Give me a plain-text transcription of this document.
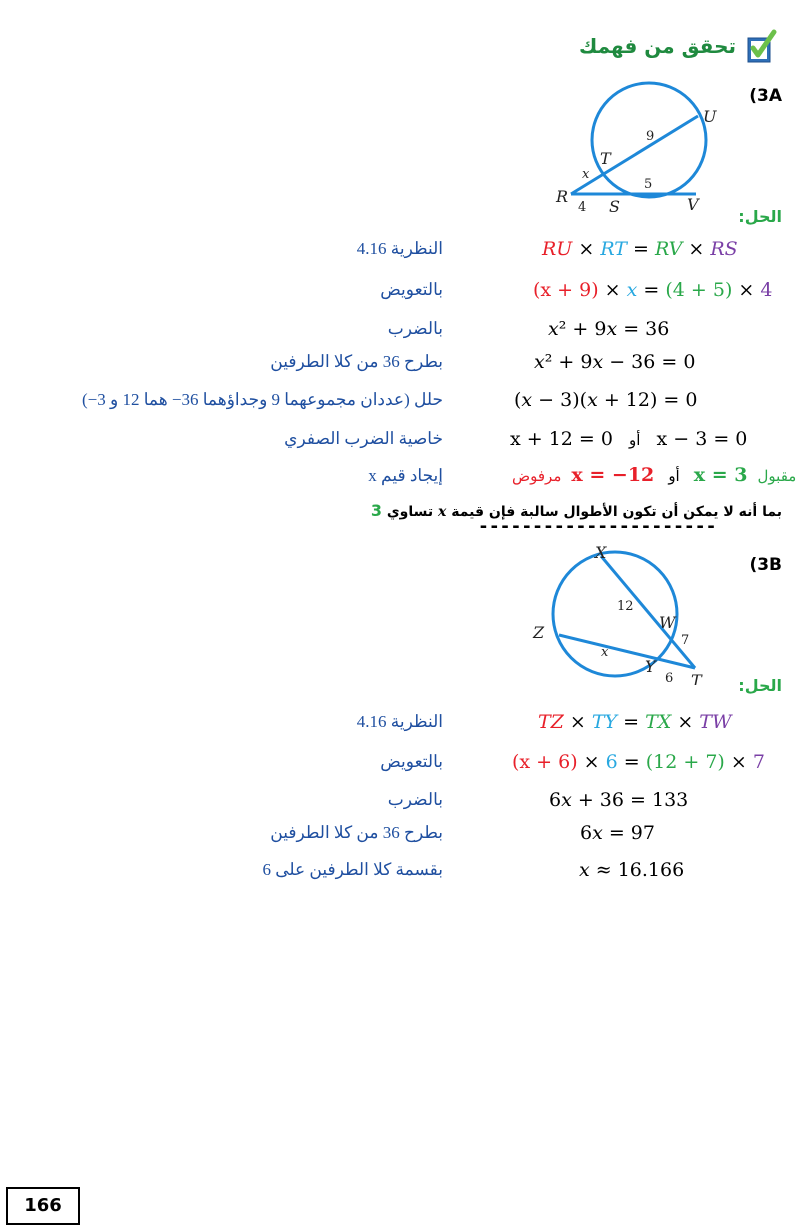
تحقق من فهمك
(3A
U
T
R
S	V
9
x
4
5
الحل:
النظرية 4.16	RU × RT = RV × RS
بالتعويض	(x + 9) × x = (4 + 5) × 4
بالضرب	x² + 9x = 36
بطرح 36 من كلا الطرفين	x² + 9x − 36 = 0
حلل (عددان مجموعهما 9 وجداؤهما 36− هما 12 و 3−)	(x − 3)(x + 12) = 0
خاصية الضرب الصفري	x − 3 = 0 أو x + 12 = 0
إيجاد قيم x	مقبول x = 3 أو x = −12 مرفوض
بما أنه لا يمكن أن تكون الأطوال سالبة فإن قيمة x تساوي 3
----------------------
(3B
X
W
Z
Y
T
12
7
x
6	الحل:
النظرية 4.16	TZ × TY = TX × TW
بالتعويض	(x + 6) × 6 = (12 + 7) × 7
بالضرب	6x + 36 = 133
بطرح 36 من كلا الطرفين	6x = 97
بقسمة كلا الطرفين على 6	x ≈ 16.166
166
